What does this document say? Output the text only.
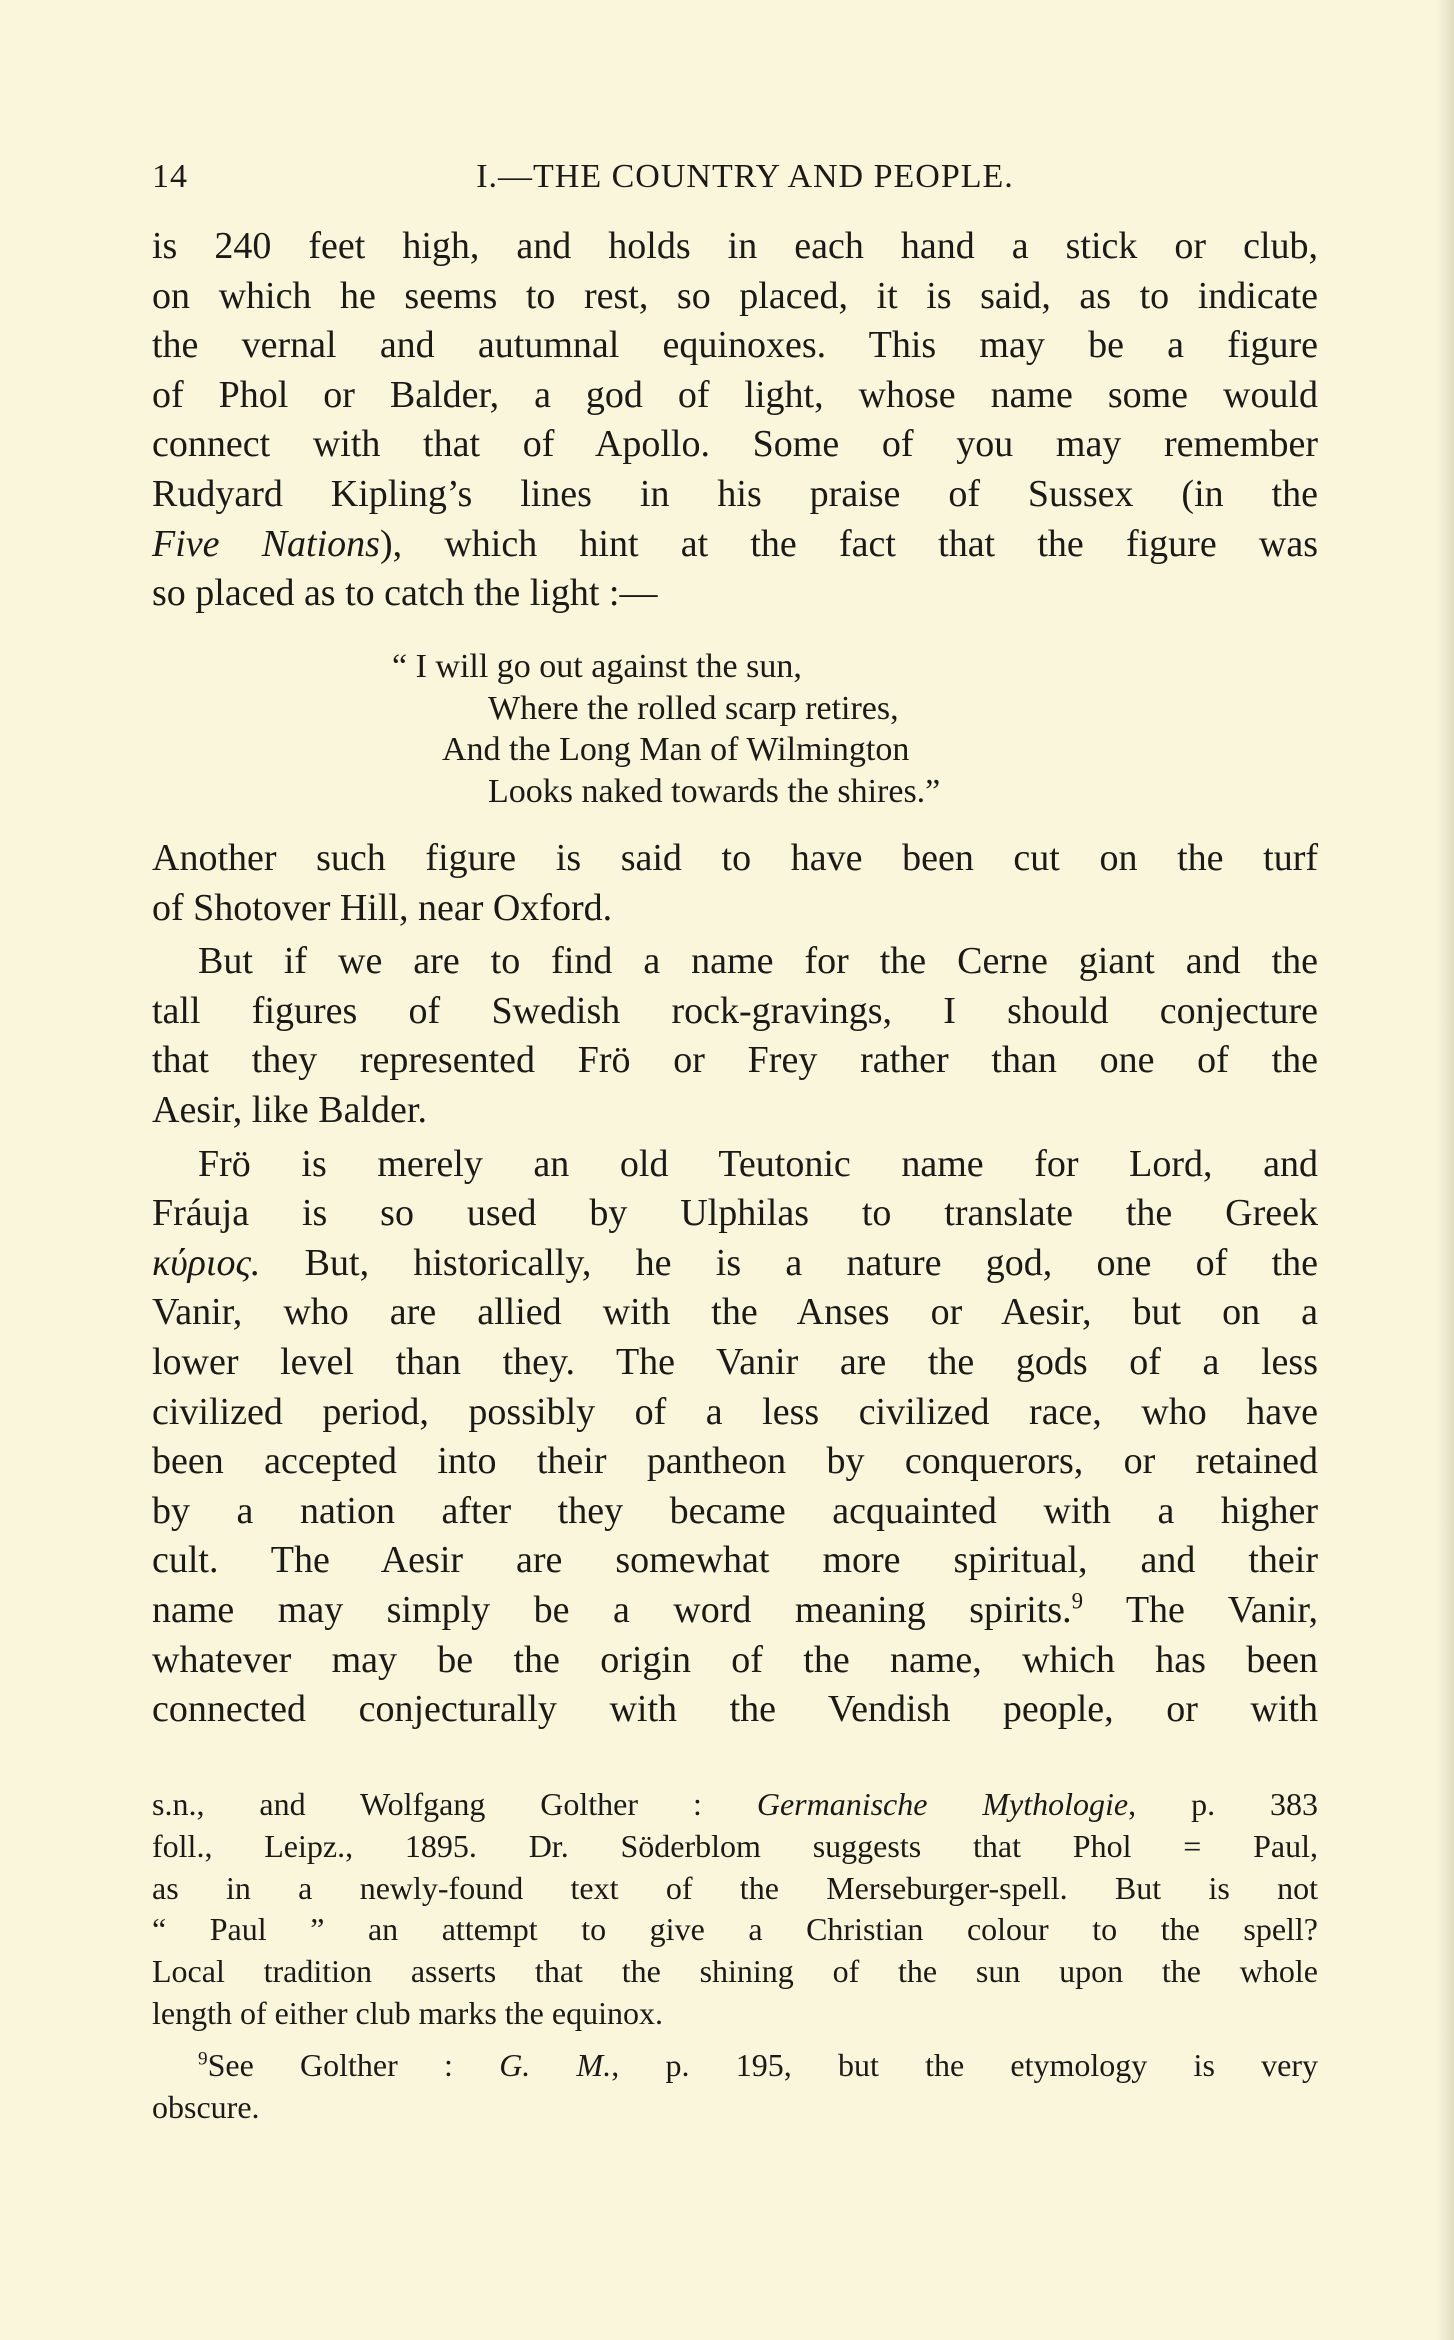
14	I.—THE COUNTRY AND PEOPLE.
is 240 feet high, and holds in each hand a stick or club,
on which he seems to rest, so placed, it is said, as to indicate
the vernal and autumnal equinoxes. This may be a figure
of Phol or Balder, a god of light, whose name some would
connect with that of Apollo. Some of you may remember
Rudyard Kipling’s lines in his praise of Sussex (in the
Five Nations), which hint at the fact that the figure was
so placed as to catch the light :—
“ I will go out against the sun,
Where the rolled scarp retires,
And the Long Man of Wilmington
Looks naked towards the shires.”
Another such figure is said to have been cut on the turf
of Shotover Hill, near Oxford.
But if we are to find a name for the Cerne giant and the
tall figures of Swedish rock-gravings, I should conjecture
that they represented Frö or Frey rather than one of the
Aesir, like Balder.
Frö is merely an old Teutonic name for Lord, and
Fráuja is so used by Ulphilas to translate the Greek
κύριος. But, historically, he is a nature god, one of the
Vanir, who are allied with the Anses or Aesir, but on a
lower level than they. The Vanir are the gods of a less
civilized period, possibly of a less civilized race, who have
been accepted into their pantheon by conquerors, or retained
by a nation after they became acquainted with a higher
cult. The Aesir are somewhat more spiritual, and their
name may simply be a word meaning spirits.$^9$ The Vanir,
whatever may be the origin of the name, which has been
connected conjecturally with the Vendish people, or with
s.n., and Wolfgang Golther : Germanische Mythologie, p. 383
foll., Leipz., 1895. Dr. Söderblom suggests that Phol = Paul,
as in a newly-found text of the Merseburger-spell. But is not
“ Paul ” an attempt to give a Christian colour to the spell?
Local tradition asserts that the shining of the sun upon the whole
length of either club marks the equinox.
$^9$See Golther : G. M., p. 195, but the etymology is very
obscure.
